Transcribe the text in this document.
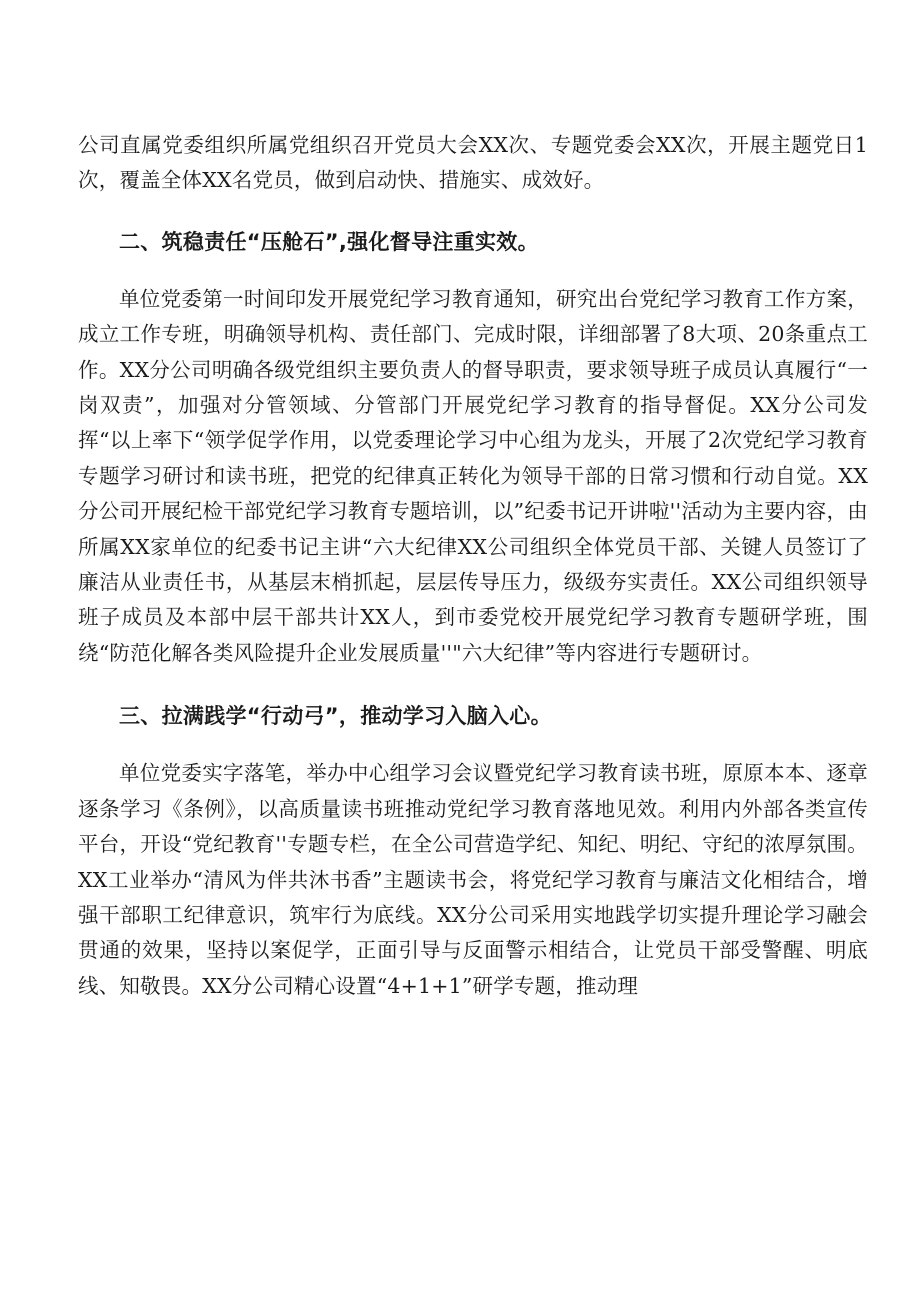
公司直属党委组织所属党组织召开党员大会XX次、专题党委会XX次，开展主题党日1次，覆盖全体XX名党员，做到启动快、措施实、成效好。

二、筑稳责任“压舱石”,强化督导注重实效。

单位党委第一时间印发开展党纪学习教育通知，研究出台党纪学习教育工作方案，成立工作专班，明确领导机构、责任部门、完成时限，详细部署了8大项、20条重点工作。XX分公司明确各级党组织主要负责人的督导职责，要求领导班子成员认真履行“一岗双责”，加强对分管领域、分管部门开展党纪学习教育的指导督促。XX分公司发挥“以上率下“领学促学作用，以党委理论学习中心组为龙头，开展了2次党纪学习教育专题学习研讨和读书班，把党的纪律真正转化为领导干部的日常习惯和行动自觉。XX分公司开展纪检干部党纪学习教育专题培训，以”纪委书记开讲啦''活动为主要内容，由所属XX家单位的纪委书记主讲“六大纪律XX公司组织全体党员干部、关键人员签订了廉洁从业责任书，从基层末梢抓起，层层传导压力，级级夯实责任。XX公司组织领导班子成员及本部中层干部共计XX人，到市委党校开展党纪学习教育专题研学班，围绕“防范化解各类风险提升企业发展质量''"六大纪律”等内容进行专题研讨。

三、拉满践学“行动弓”，推动学习入脑入心。

单位党委实字落笔，举办中心组学习会议暨党纪学习教育读书班，原原本本、逐章逐条学习《条例》，以高质量读书班推动党纪学习教育落地见效。利用内外部各类宣传平台，开设“党纪教育''专题专栏，在全公司营造学纪、知纪、明纪、守纪的浓厚氛围。XX工业举办“清风为伴共沐书香”主题读书会，将党纪学习教育与廉洁文化相结合，增强干部职工纪律意识，筑牢行为底线。XX分公司采用实地践学切实提升理论学习融会贯通的效果，坚持以案促学，正面引导与反面警示相结合，让党员干部受警醒、明底线、知敬畏。XX分公司精心设置“4+1+1”研学专题，推动理
